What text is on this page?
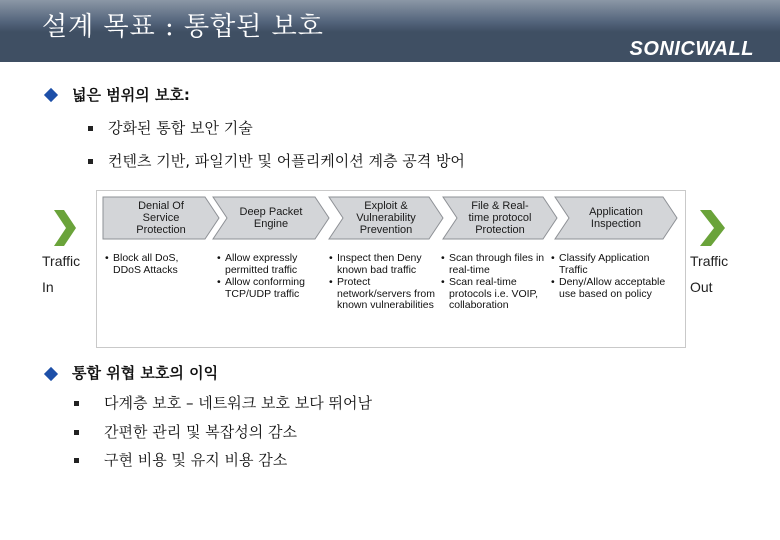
설계 목표 : 통합된 보호
SONICWALL
넓은 범위의 보호:
강화된 통합 보안 기술
컨텐츠 기반, 파일기반 및 어플리케이션 계층 공격 방어
Traffic
In
Traffic
Out
Denial Of
Service
Protection
Deep Packet
Engine
Exploit &
Vulnerability
Prevention
File & Real-
time protocol
Protection
Application
Inspection
• Block all DoS, DDoS Attacks
• Allow expressly permitted traffic
• Allow conforming TCP/UDP traffic
• Inspect then Deny known bad traffic
• Protect network/servers from known vulnerabilities
• Scan through files in real-time
• Scan real-time protocols i.e. VOIP, collaboration
• Classify Application Traffic
• Deny/Allow acceptable use based on policy
통합 위협 보호의 이익
다계층 보호 – 네트워크 보호 보다 뛰어남
간편한 관리 및 복잡성의 감소
구현 비용 및 유지 비용 감소
